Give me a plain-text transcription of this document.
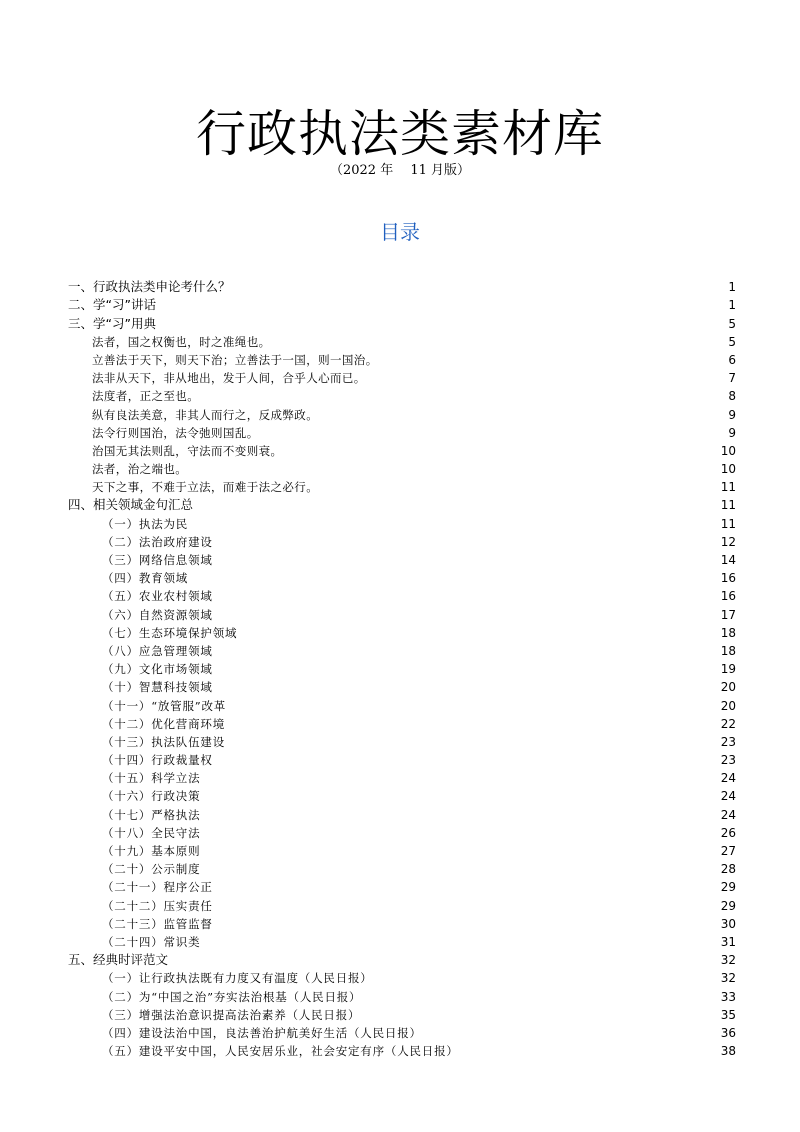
行政执法类素材库
（2022 年　 11 月版）
目录
一、行政执法类申论考什么？ .....	1
二、学“习”讲话 .....	1
三、学“习”用典 .....	5
法者，国之权衡也，时之准绳也。 . . .	5
立善法于天下，则天下治；立善法于一国，则一国治。 . . .	6
法非从天下，非从地出，发于人间，合乎人心而已。 . . .	7
法度者，正之至也。 . . .	8
纵有良法美意，非其人而行之，反成弊政。 . . .	9
法令行则国治，法令弛则国乱。 . . .	9
治国无其法则乱，守法而不变则衰。 . . .	10
法者，治之端也。 . . .	10
天下之事，不难于立法，而难于法之必行。 . . .	11
四、相关领域金句汇总 .....	11
（一）执法为民 . . .	11
（二）法治政府建设 . . .	12
（三）网络信息领域 . . .	14
（四）教育领域 . . .	16
（五）农业农村领域 . . .	16
（六）自然资源领域 . . .	17
（七）生态环境保护领域 . . .	18
（八）应急管理领域 . . .	18
（九）文化市场领域 . . .	19
（十）智慧科技领域 . . .	20
（十一）“放管服”改革 . . .	20
（十二）优化营商环境 . . .	22
（十三）执法队伍建设 . . .	23
（十四）行政裁量权 . . .	23
（十五）科学立法 . . .	24
（十六）行政决策 . . .	24
（十七）严格执法 . . .	24
（十八）全民守法 . . .	26
（十九）基本原则 . . .	27
（二十）公示制度 . . .	28
（二十一）程序公正 . . .	29
（二十二）压实责任 . . .	29
（二十三）监管监督 . . .	30
（二十四）常识类 . . .	31
五、经典时评范文 .....	32
（一）让行政执法既有力度又有温度（人民日报） . . .	32
（二）为“中国之治”夯实法治根基（人民日报） . . .	33
（三）增强法治意识提高法治素养（人民日报） . . .	35
（四）建设法治中国，良法善治护航美好生活（人民日报） . . .	36
（五）建设平安中国，人民安居乐业，社会安定有序（人民日报） . . .	38
